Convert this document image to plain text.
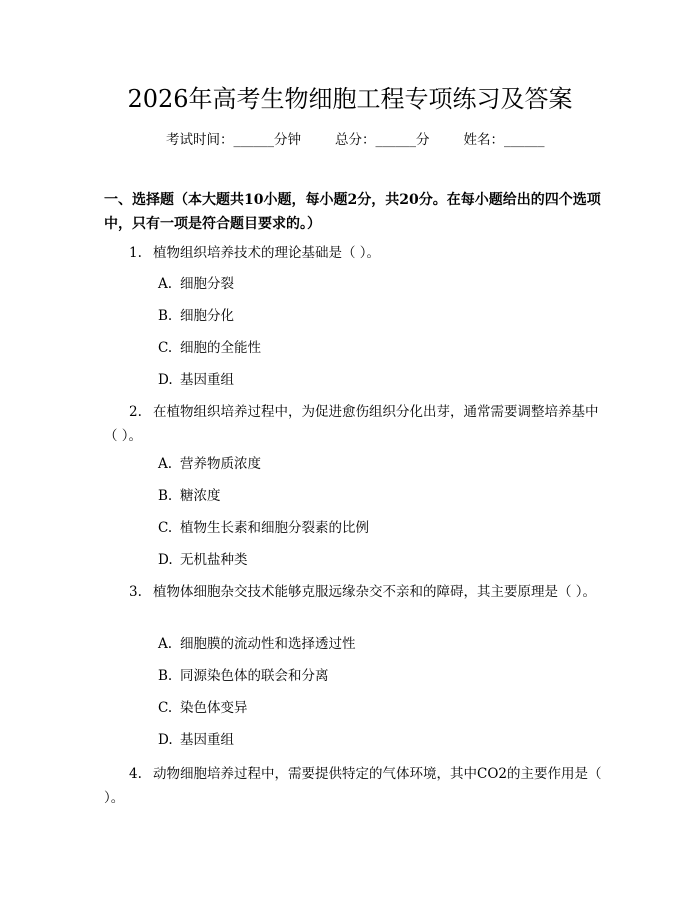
2026年高考生物细胞工程专项练习及答案
考试时间：______分钟	总分：______分	姓名：______
一、选择题（本大题共10小题，每小题2分，共20分。在每小题给出的四个选项中，只有一项是符合题目要求的。）
1. 植物组织培养技术的理论基础是（ ）。
A. 细胞分裂
B. 细胞分化
C. 细胞的全能性
D. 基因重组
2. 在植物组织培养过程中，为促进愈伤组织分化出芽，通常需要调整培养基中（ ）。
A. 营养物质浓度
B. 糖浓度
C. 植物生长素和细胞分裂素的比例
D. 无机盐种类
3. 植物体细胞杂交技术能够克服远缘杂交不亲和的障碍，其主要原理是（ ）。
A. 细胞膜的流动性和选择透过性
B. 同源染色体的联会和分离
C. 染色体变异
D. 基因重组
4. 动物细胞培养过程中，需要提供特定的气体环境，其中CO2的主要作用是（ ）。
